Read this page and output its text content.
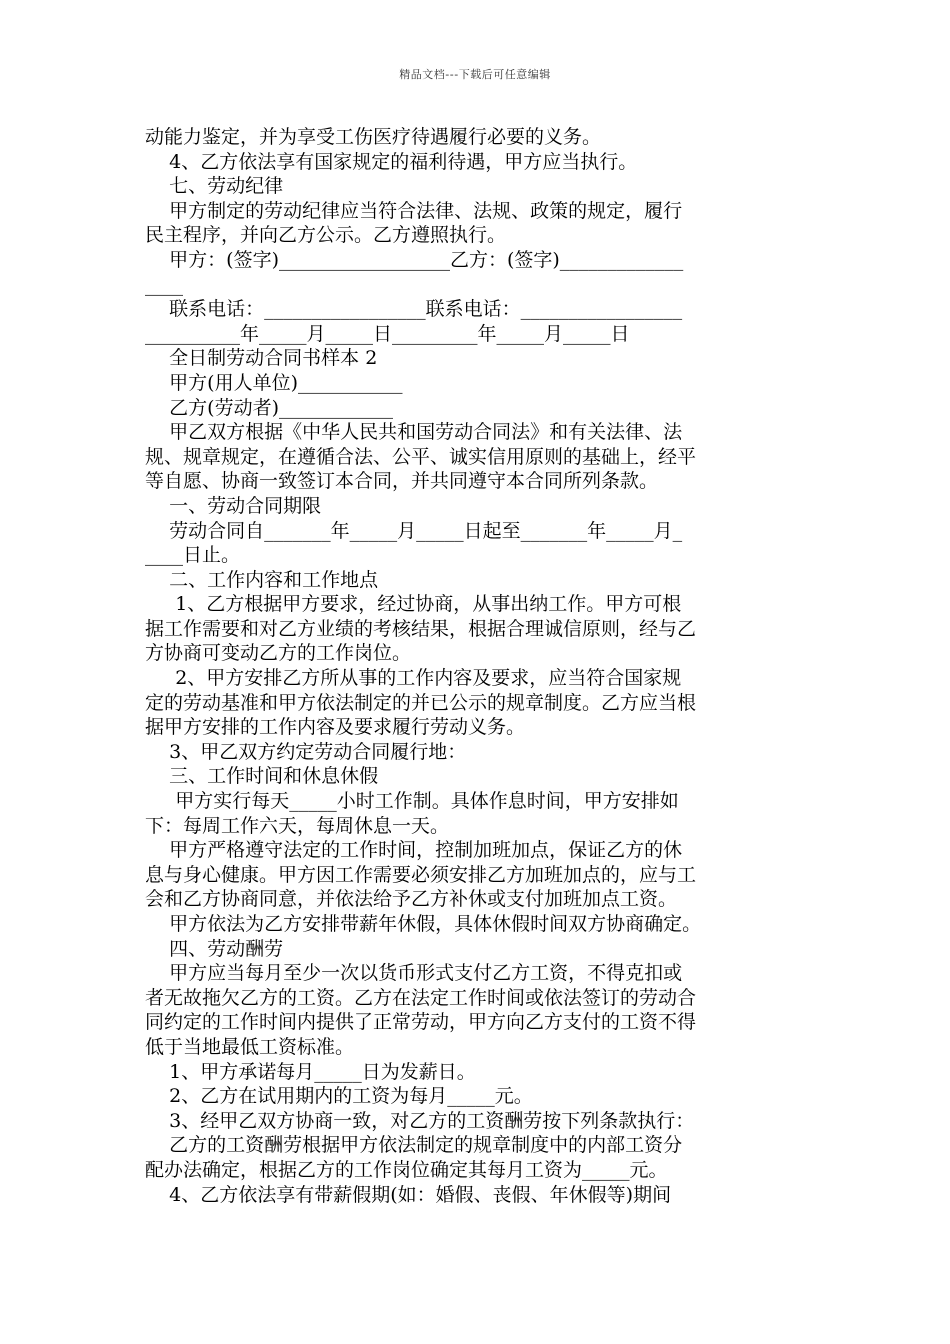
精品文档---下载后可任意编辑
动能力鉴定，并为享受工伤医疗待遇履行必要的义务。
4、乙方依法享有国家规定的福利待遇，甲方应当执行。
七、劳动纪律
甲方制定的劳动纪律应当符合法律、法规、政策的规定，履行
民主程序，并向乙方公示。乙方遵照执行。
甲方：(签字)__________________乙方：(签字)_____________
____
联系电话：_________________联系电话：_________________
__________年_____月_____日_________年_____月_____日
全日制劳动合同书样本 2
甲方(用人单位)___________
乙方(劳动者)____________
甲乙双方根据《中华人民共和国劳动合同法》和有关法律、法
规、规章规定，在遵循合法、公平、诚实信用原则的基础上，经平
等自愿、协商一致签订本合同，并共同遵守本合同所列条款。
一、劳动合同期限
劳动合同自_______年_____月_____日起至_______年_____月_
____日止。
二、工作内容和工作地点
1、乙方根据甲方要求，经过协商，从事出纳工作。甲方可根
据工作需要和对乙方业绩的考核结果，根据合理诚信原则，经与乙
方协商可变动乙方的工作岗位。
2、甲方安排乙方所从事的工作内容及要求，应当符合国家规
定的劳动基准和甲方依法制定的并已公示的规章制度。乙方应当根
据甲方安排的工作内容及要求履行劳动义务。
3、甲乙双方约定劳动合同履行地：
三、工作时间和休息休假
甲方实行每天_____小时工作制。具体作息时间，甲方安排如
下：每周工作六天，每周休息一天。
甲方严格遵守法定的工作时间，控制加班加点，保证乙方的休
息与身心健康。甲方因工作需要必须安排乙方加班加点的，应与工
会和乙方协商同意，并依法给予乙方补休或支付加班加点工资。
甲方依法为乙方安排带薪年休假，具体休假时间双方协商确定。
四、劳动酬劳
甲方应当每月至少一次以货币形式支付乙方工资，不得克扣或
者无故拖欠乙方的工资。乙方在法定工作时间或依法签订的劳动合
同约定的工作时间内提供了正常劳动，甲方向乙方支付的工资不得
低于当地最低工资标准。
1、甲方承诺每月_____日为发薪日。
2、乙方在试用期内的工资为每月_____元。
3、经甲乙双方协商一致，对乙方的工资酬劳按下列条款执行：
乙方的工资酬劳根据甲方依法制定的规章制度中的内部工资分
配办法确定，根据乙方的工作岗位确定其每月工资为_____元。
4、乙方依法享有带薪假期(如：婚假、丧假、年休假等)期间
